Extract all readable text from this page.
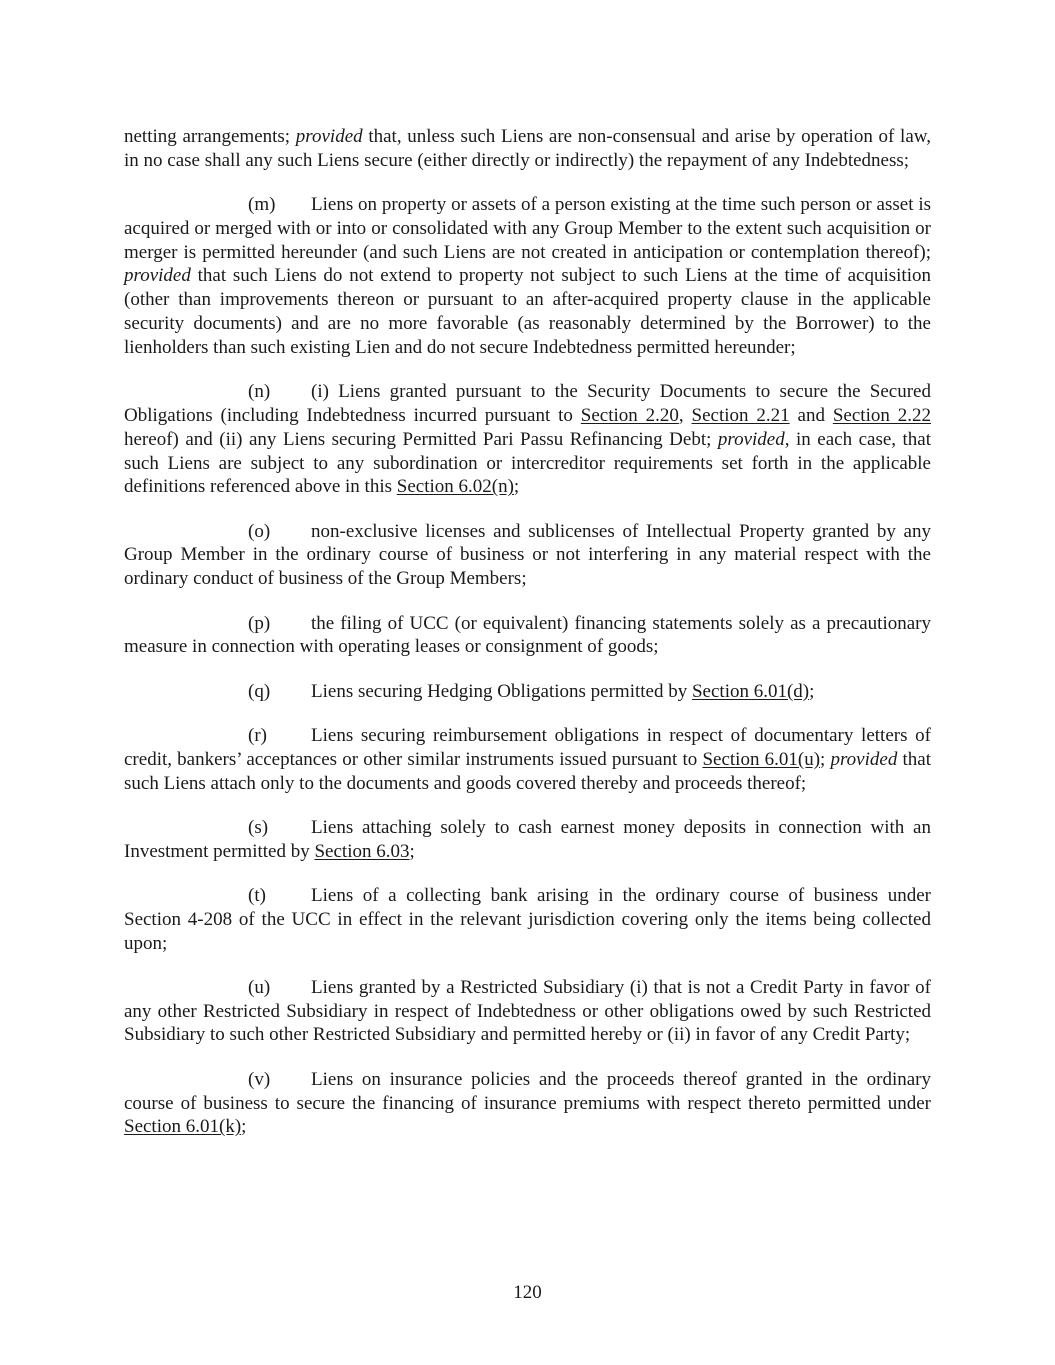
netting arrangements; provided that, unless such Liens are non-consensual and arise by operation of law, in no case shall any such Liens secure (either directly or indirectly) the repayment of any Indebtedness;

(m) Liens on property or assets of a person existing at the time such person or asset is acquired or merged with or into or consolidated with any Group Member to the extent such acquisition or merger is permitted hereunder (and such Liens are not created in anticipation or contemplation thereof); provided that such Liens do not extend to property not subject to such Liens at the time of acquisition (other than improvements thereon or pursuant to an after-acquired property clause in the applicable security documents) and are no more favorable (as reasonably determined by the Borrower) to the lienholders than such existing Lien and do not secure Indebtedness permitted hereunder;

(n) (i) Liens granted pursuant to the Security Documents to secure the Secured Obligations (including Indebtedness incurred pursuant to Section 2.20, Section 2.21 and Section 2.22 hereof) and (ii) any Liens securing Permitted Pari Passu Refinancing Debt; provided, in each case, that such Liens are subject to any subordination or intercreditor requirements set forth in the applicable definitions referenced above in this Section 6.02(n);

(o) non-exclusive licenses and sublicenses of Intellectual Property granted by any Group Member in the ordinary course of business or not interfering in any material respect with the ordinary conduct of business of the Group Members;

(p) the filing of UCC (or equivalent) financing statements solely as a precautionary measure in connection with operating leases or consignment of goods;

(q) Liens securing Hedging Obligations permitted by Section 6.01(d);

(r) Liens securing reimbursement obligations in respect of documentary letters of credit, bankers’ acceptances or other similar instruments issued pursuant to Section 6.01(u); provided that such Liens attach only to the documents and goods covered thereby and proceeds thereof;

(s) Liens attaching solely to cash earnest money deposits in connection with an Investment permitted by Section 6.03;

(t) Liens of a collecting bank arising in the ordinary course of business under Section 4-208 of the UCC in effect in the relevant jurisdiction covering only the items being collected upon;

(u) Liens granted by a Restricted Subsidiary (i) that is not a Credit Party in favor of any other Restricted Subsidiary in respect of Indebtedness or other obligations owed by such Restricted Subsidiary to such other Restricted Subsidiary and permitted hereby or (ii) in favor of any Credit Party;

(v) Liens on insurance policies and the proceeds thereof granted in the ordinary course of business to secure the financing of insurance premiums with respect thereto permitted under Section 6.01(k);

120
